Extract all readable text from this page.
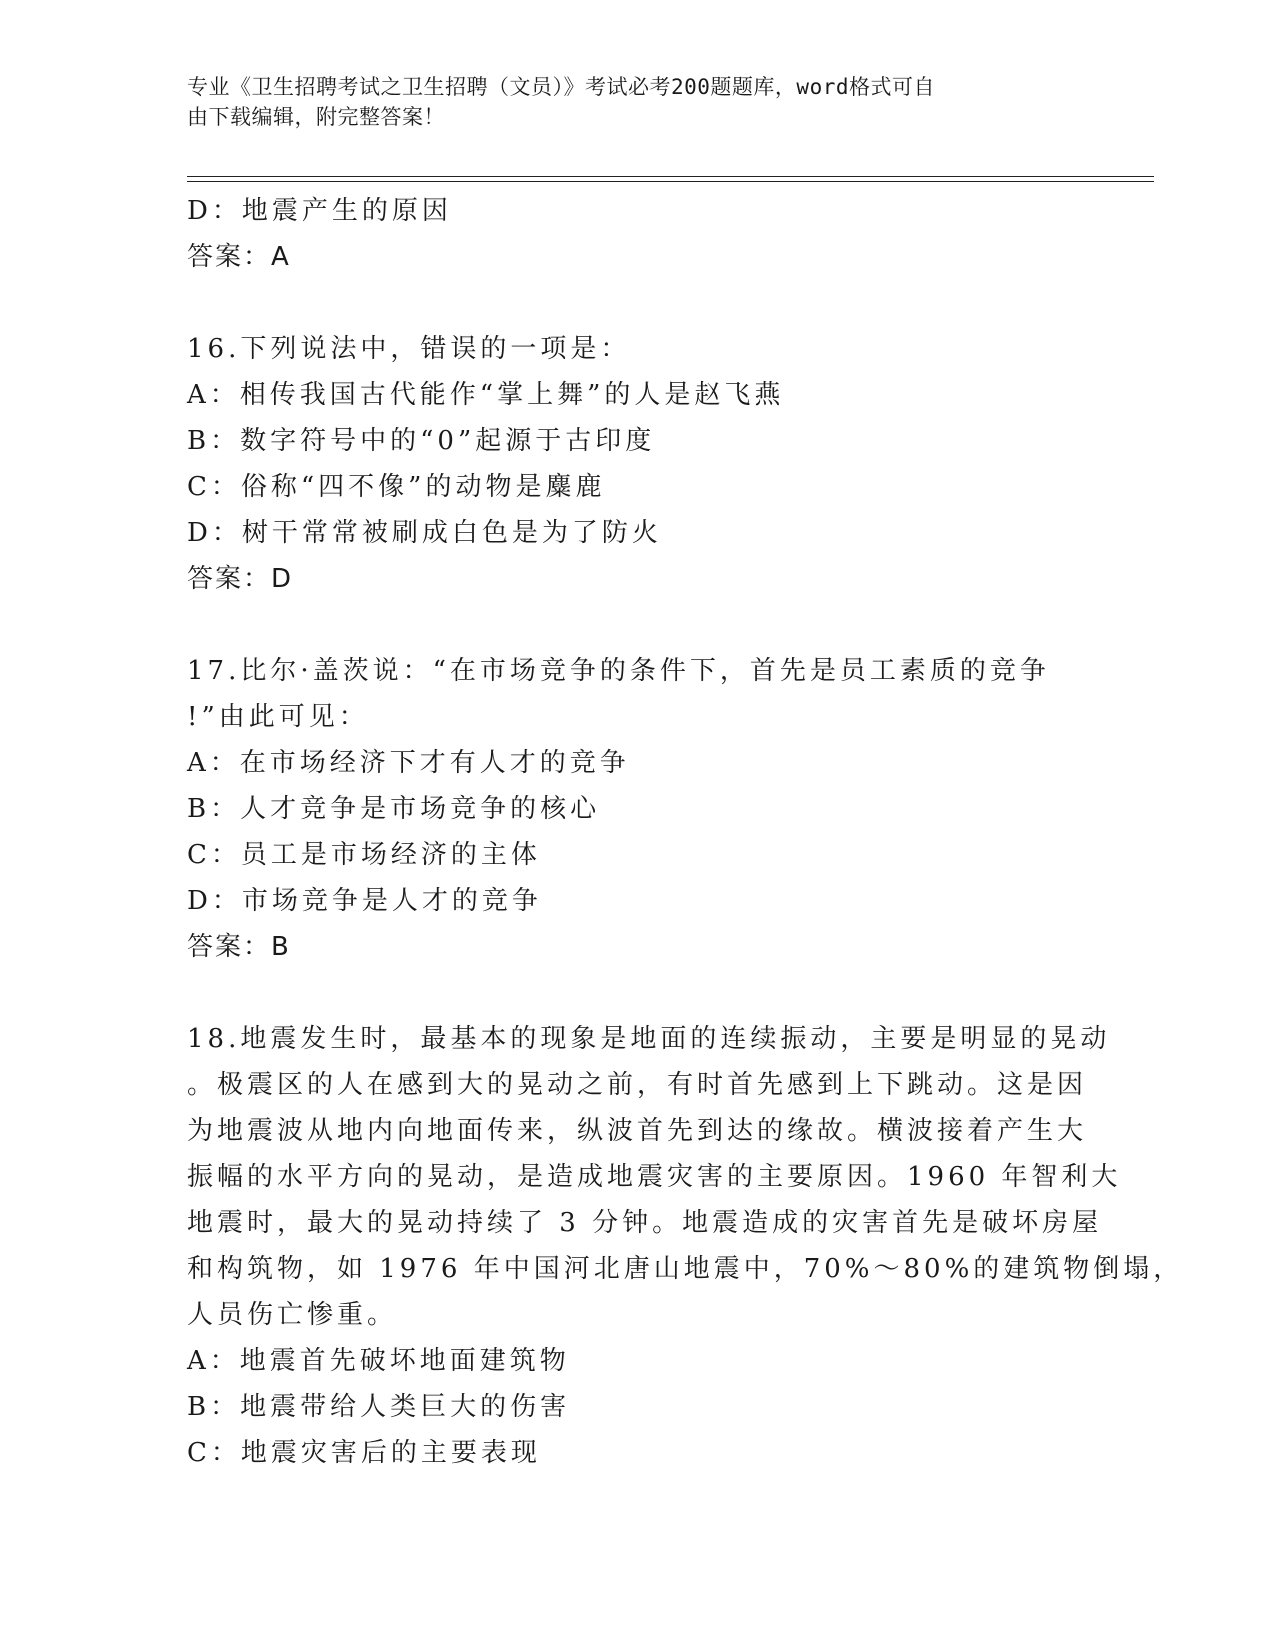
专业《卫生招聘考试之卫生招聘（文员）》考试必考200题题库，word格式可自
由下载编辑，附完整答案！
D：地震产生的原因
答案：A
16.下列说法中，错误的一项是：
A：相传我国古代能作“掌上舞”的人是赵飞燕
B：数字符号中的“0”起源于古印度
C：俗称“四不像”的动物是麋鹿
D：树干常常被刷成白色是为了防火
答案：D
17.比尔·盖茨说：“在市场竞争的条件下，首先是员工素质的竞争
!”由此可见：
A：在市场经济下才有人才的竞争
B：人才竞争是市场竞争的核心
C：员工是市场经济的主体
D：市场竞争是人才的竞争
答案：B
18.地震发生时，最基本的现象是地面的连续振动，主要是明显的晃动
。极震区的人在感到大的晃动之前，有时首先感到上下跳动。这是因
为地震波从地内向地面传来，纵波首先到达的缘故。横波接着产生大
振幅的水平方向的晃动，是造成地震灾害的主要原因。1960 年智利大
地震时，最大的晃动持续了 3 分钟。地震造成的灾害首先是破坏房屋
和构筑物，如 1976 年中国河北唐山地震中，70%～80%的建筑物倒塌，
人员伤亡惨重。
A：地震首先破坏地面建筑物
B：地震带给人类巨大的伤害
C：地震灾害后的主要表现
